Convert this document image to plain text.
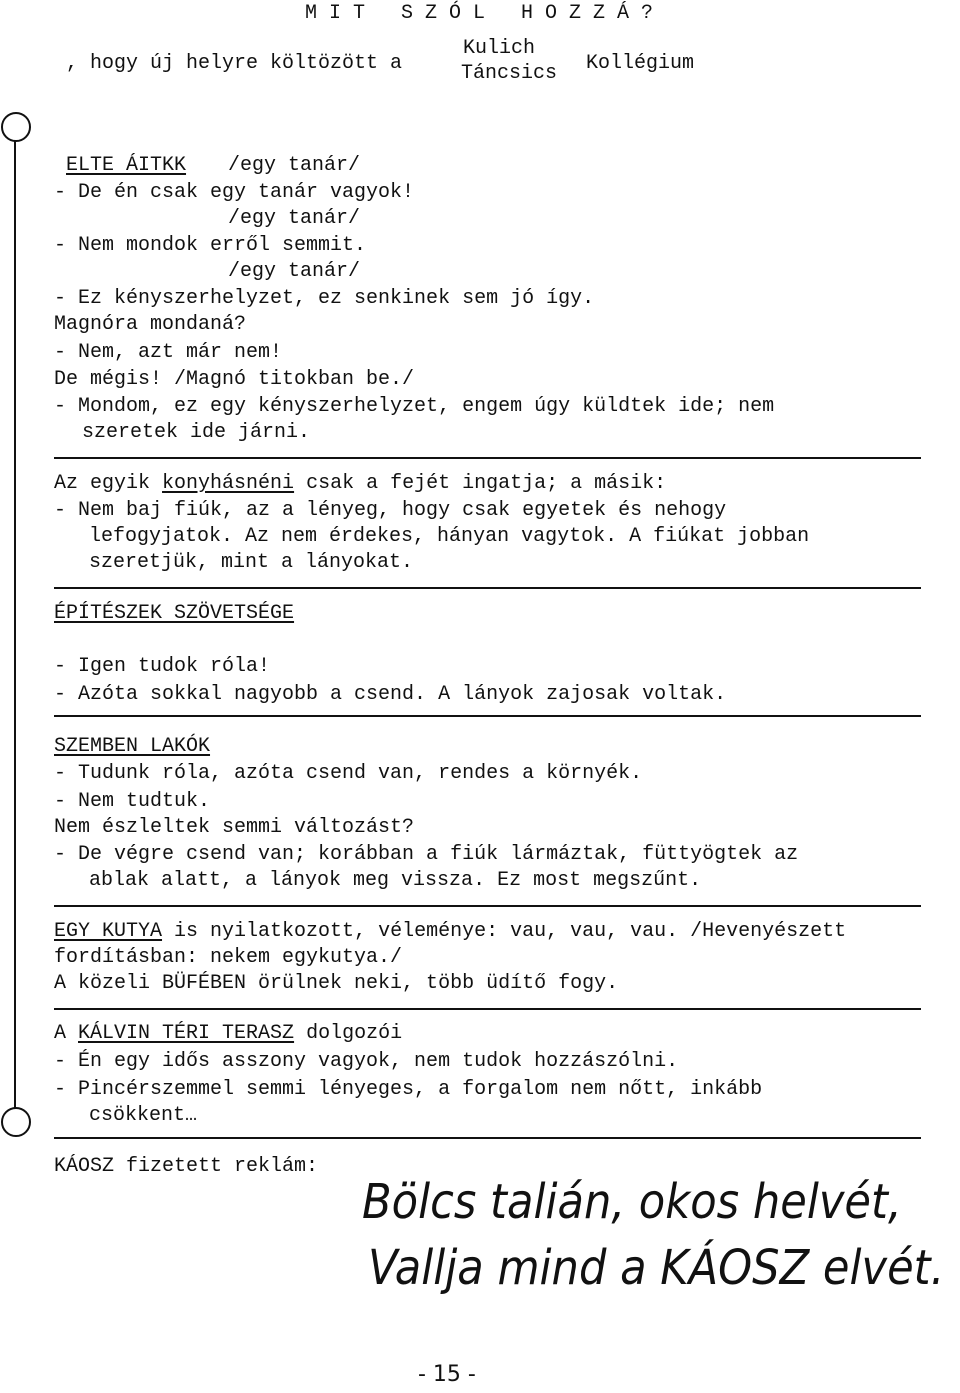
M I T   S Z Ó L   H O Z Z Á ?
, hogy új helyre költözött a
Kulich
Táncsics Kollégium
ELTE ÁITKK /egy tanár/
- De én csak egy tanár vagyok!
/egy tanár/
- Nem mondok erről semmit.
/egy tanár/
- Ez kényszerhelyzet, ez senkinek sem jó így.
Magnóra mondaná?
- Nem, azt már nem!
De mégis! /Magnó titokban be./
- Mondom, ez egy kényszerhelyzet, engem úgy küldtek ide; nem
szeretek ide járni.
Az egyik konyhásnéni csak a fejét ingatja; a másik:
- Nem baj fiúk, az a lényeg, hogy csak egyetek és nehogy
lefogyjatok. Az nem érdekes, hányan vagytok. A fiúkat jobban
szeretjük, mint a lányokat.
ÉPÍTÉSZEK SZÖVETSÉGE
- Igen tudok róla!
- Azóta sokkal nagyobb a csend. A lányok zajosak voltak.
SZEMBEN LAKÓK
- Tudunk róla, azóta csend van, rendes a környék.
- Nem tudtuk.
Nem észleltek semmi változást?
- De végre csend van; korábban a fiúk lármáztak, füttyögtek az
ablak alatt, a lányok meg vissza. Ez most megszűnt.
EGY KUTYA is nyilatkozott, véleménye: vau, vau, vau. /Hevenyészett
fordításban: nekem egykutya./
A közeli BÜFÉBEN örülnek neki, több üdítő fogy.
A KÁLVIN TÉRI TERASZ dolgozói
- Én egy idős asszony vagyok, nem tudok hozzászólni.
- Pincérszemmel semmi lényeges, a forgalom nem nőtt, inkább
csökkent…
KÁOSZ fizetett reklám:
Bölcs talián, okos helvét,
Vallja mind a KÁOSZ elvét.
- 15 -
